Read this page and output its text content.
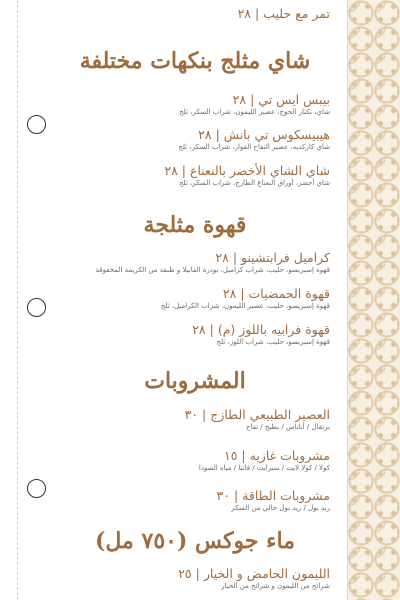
تمر مع حليب | ٢٨

شاي مثلج بنكهات مختلفة

بيبس ايس تي | ٢٨

شاي، نكتار الخوخ، عصير الليمون، شراب السكر، ثلج

هيبيسكوس تي بانش | ٢٨

شاي كاركديه، عصير التفاح الفوار، شراب السكر، ثلج

شاي الشاي الأخضر بالنعناع | ٢٨

شاي أخضر، أوراق النعناع الطازج، شراب السكر، ثلج

قهوة مثلجة

كراميل فرابتشينو | ٢٨

قهوة إسبريسو، حليب، شراب كراميل، بودرة الفانيلا و طبقة من الكريمة المخفوقة

قهوة الحمضيات | ٢٨

قهوة إسبريسو، حليب، عصير الليمون، شراب الكراميل، ثلج

قهوة فرابيه باللوز (م) | ٢٨

قهوة إسبريسو، حليب، شراب اللوز، ثلج

المشروبات

العصير الطبيعي الطازج | ٣٠

برتقال / أناناس / بطيخ / تفاح

مشروبات غازيه | ١٥

كولا / كولا لايت / سبرايت / فانتا / مياه الصودا

مشروبات الطاقة | ٣٠

ريد بول / ريد بول خالي من السكر

ماء جوكس (٧٥٠ مل)

الليمون الحامض و الخيار | ٢٥

شرائح من الليمون و شرائح من الخيار
